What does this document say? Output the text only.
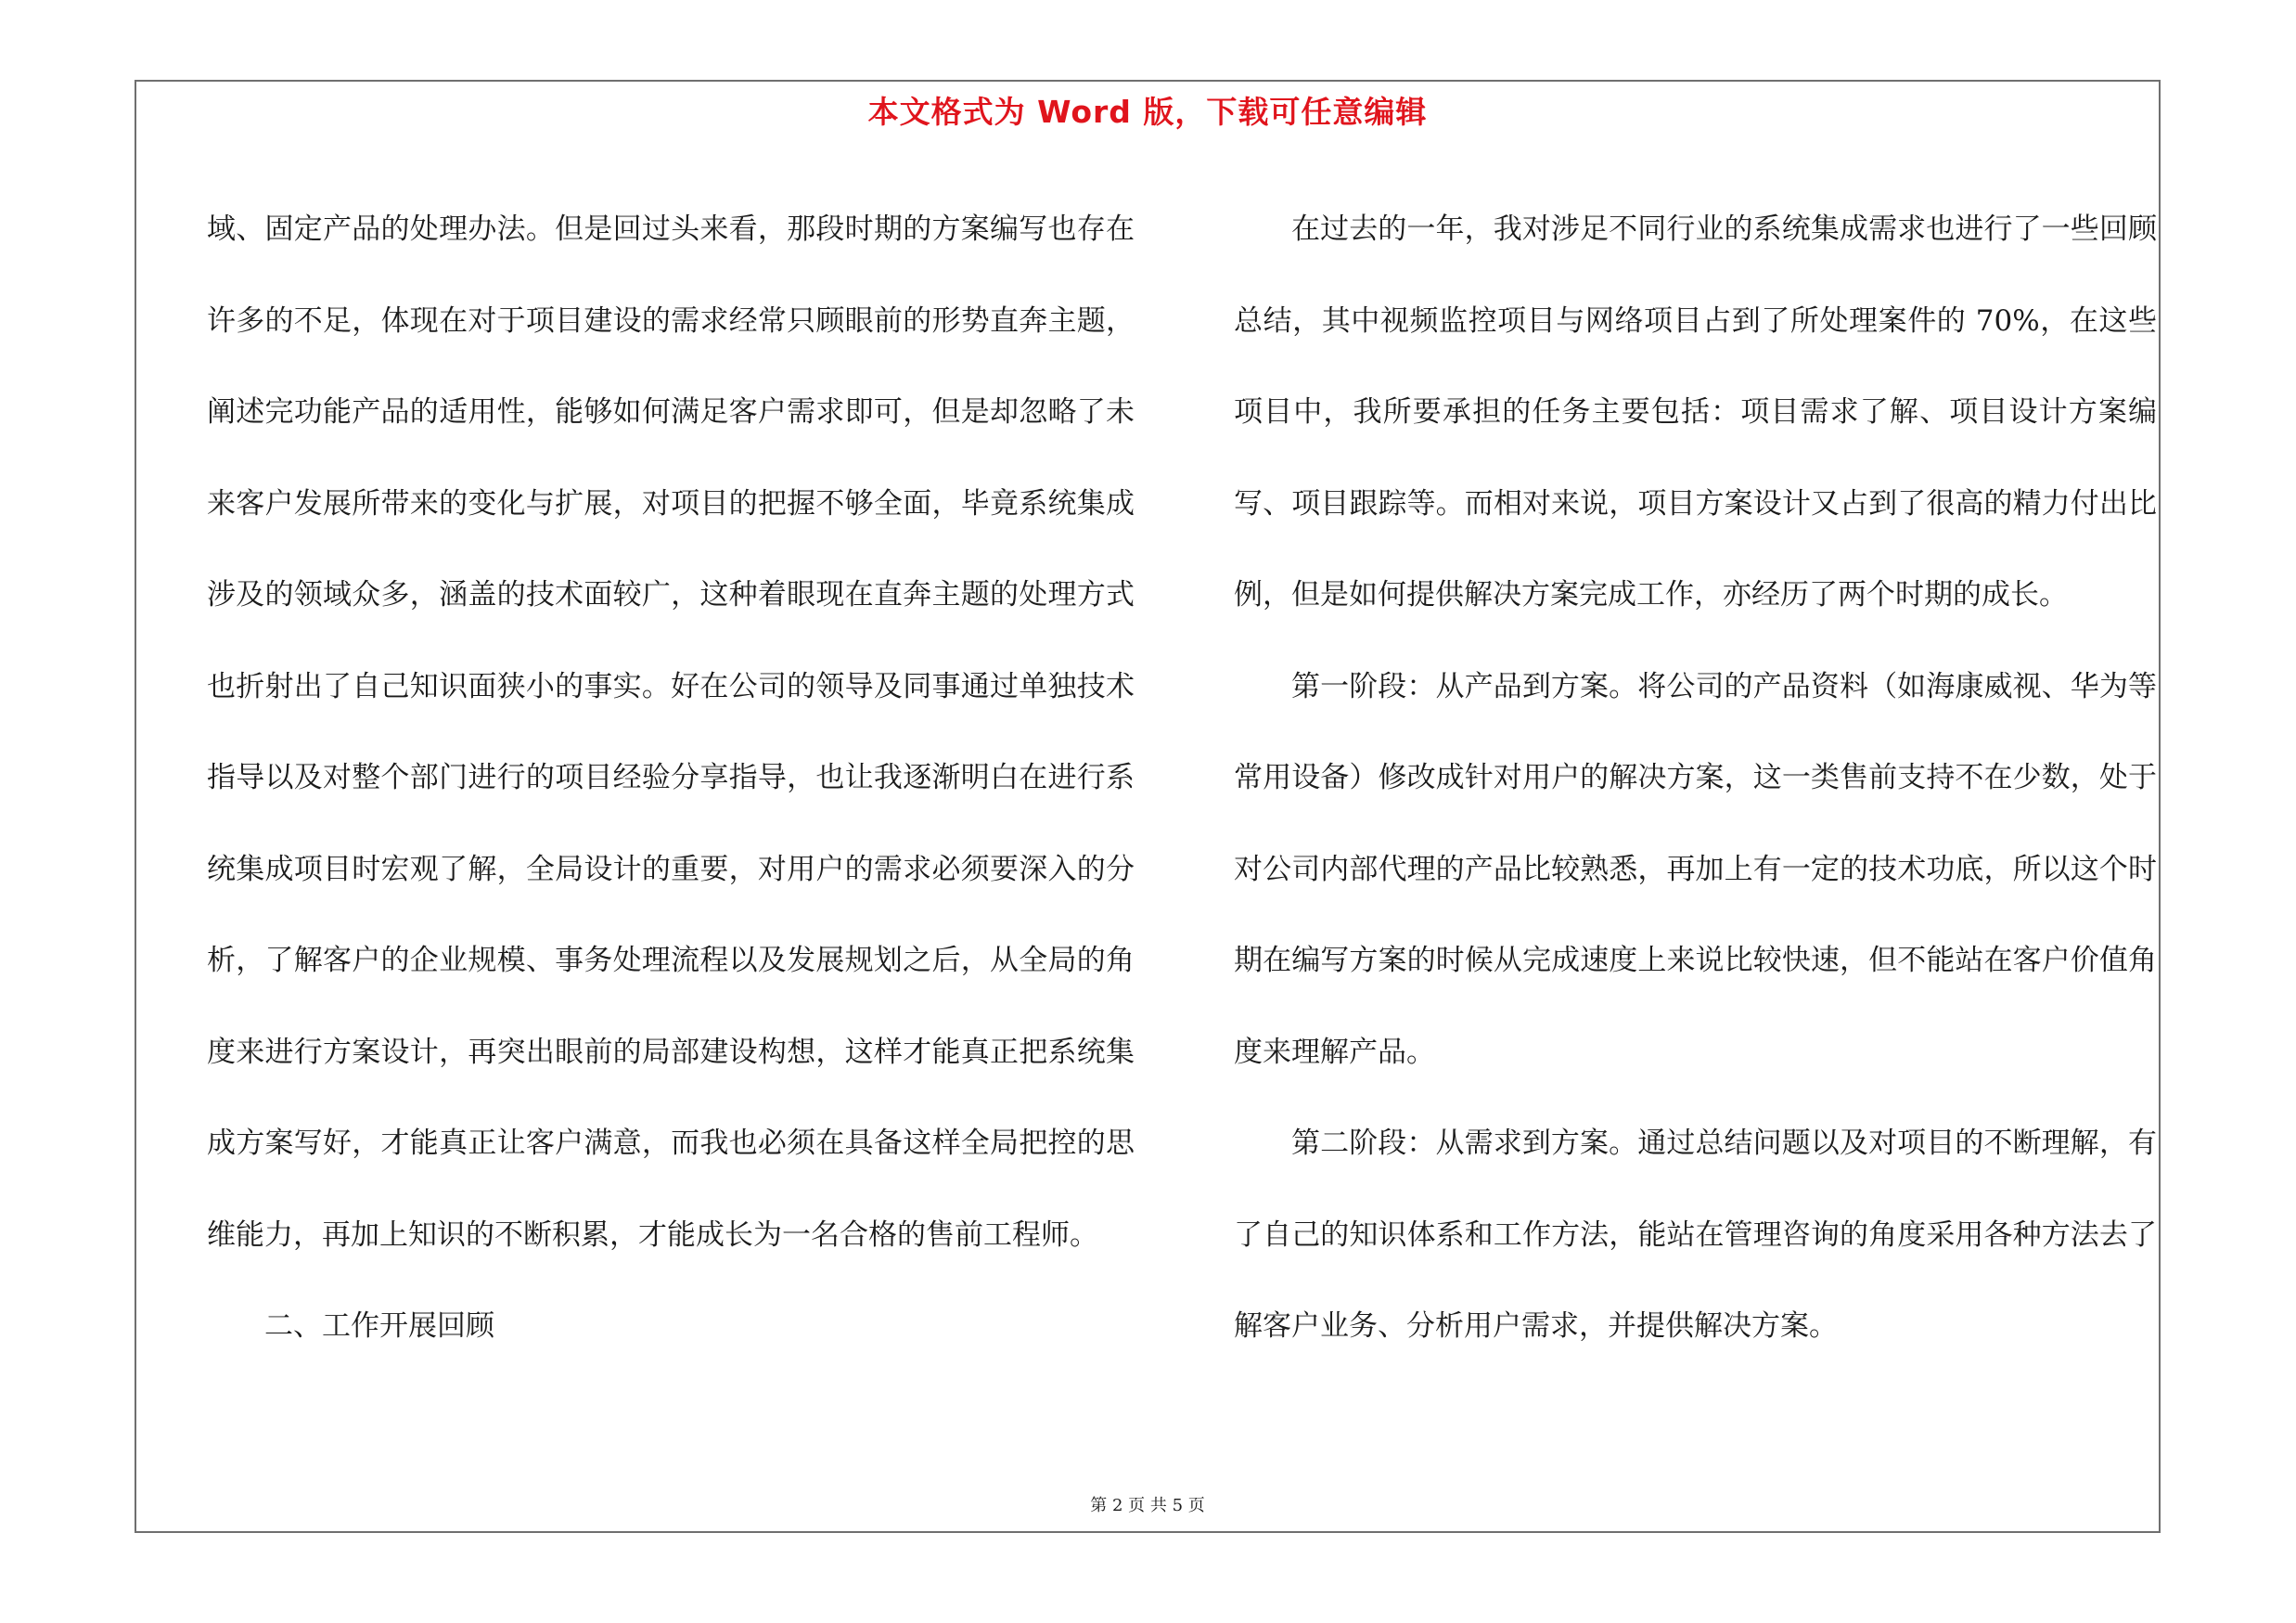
本文格式为 Word 版，下载可任意编辑

域、固定产品的处理办法。但是回过头来看，那段时期的方案编写也存在许多的不足，体现在对于项目建设的需求经常只顾眼前的形势直奔主题，阐述完功能产品的适用性，能够如何满足客户需求即可，但是却忽略了未来客户发展所带来的变化与扩展，对项目的把握不够全面，毕竟系统集成涉及的领域众多，涵盖的技术面较广，这种着眼现在直奔主题的处理方式也折射出了自己知识面狭小的事实。好在公司的领导及同事通过单独技术指导以及对整个部门进行的项目经验分享指导，也让我逐渐明白在进行系统集成项目时宏观了解，全局设计的重要，对用户的需求必须要深入的分析，了解客户的企业规模、事务处理流程以及发展规划之后，从全局的角度来进行方案设计，再突出眼前的局部建设构想，这样才能真正把系统集成方案写好，才能真正让客户满意，而我也必须在具备这样全局把控的思维能力，再加上知识的不断积累，才能成长为一名合格的售前工程师。

二、工作开展回顾

在过去的一年，我对涉足不同行业的系统集成需求也进行了一些回顾总结，其中视频监控项目与网络项目占到了所处理案件的 70%，在这些项目中，我所要承担的任务主要包括：项目需求了解、项目设计方案编写、项目跟踪等。而相对来说，项目方案设计又占到了很高的精力付出比例，但是如何提供解决方案完成工作，亦经历了两个时期的成长。

第一阶段：从产品到方案。将公司的产品资料（如海康威视、华为等常用设备）修改成针对用户的解决方案，这一类售前支持不在少数，处于对公司内部代理的产品比较熟悉，再加上有一定的技术功底，所以这个时期在编写方案的时候从完成速度上来说比较快速，但不能站在客户价值角度来理解产品。

第二阶段：从需求到方案。通过总结问题以及对项目的不断理解，有了自己的知识体系和工作方法，能站在管理咨询的角度采用各种方法去了解客户业务、分析用户需求，并提供解决方案。

第 2 页 共 5 页
